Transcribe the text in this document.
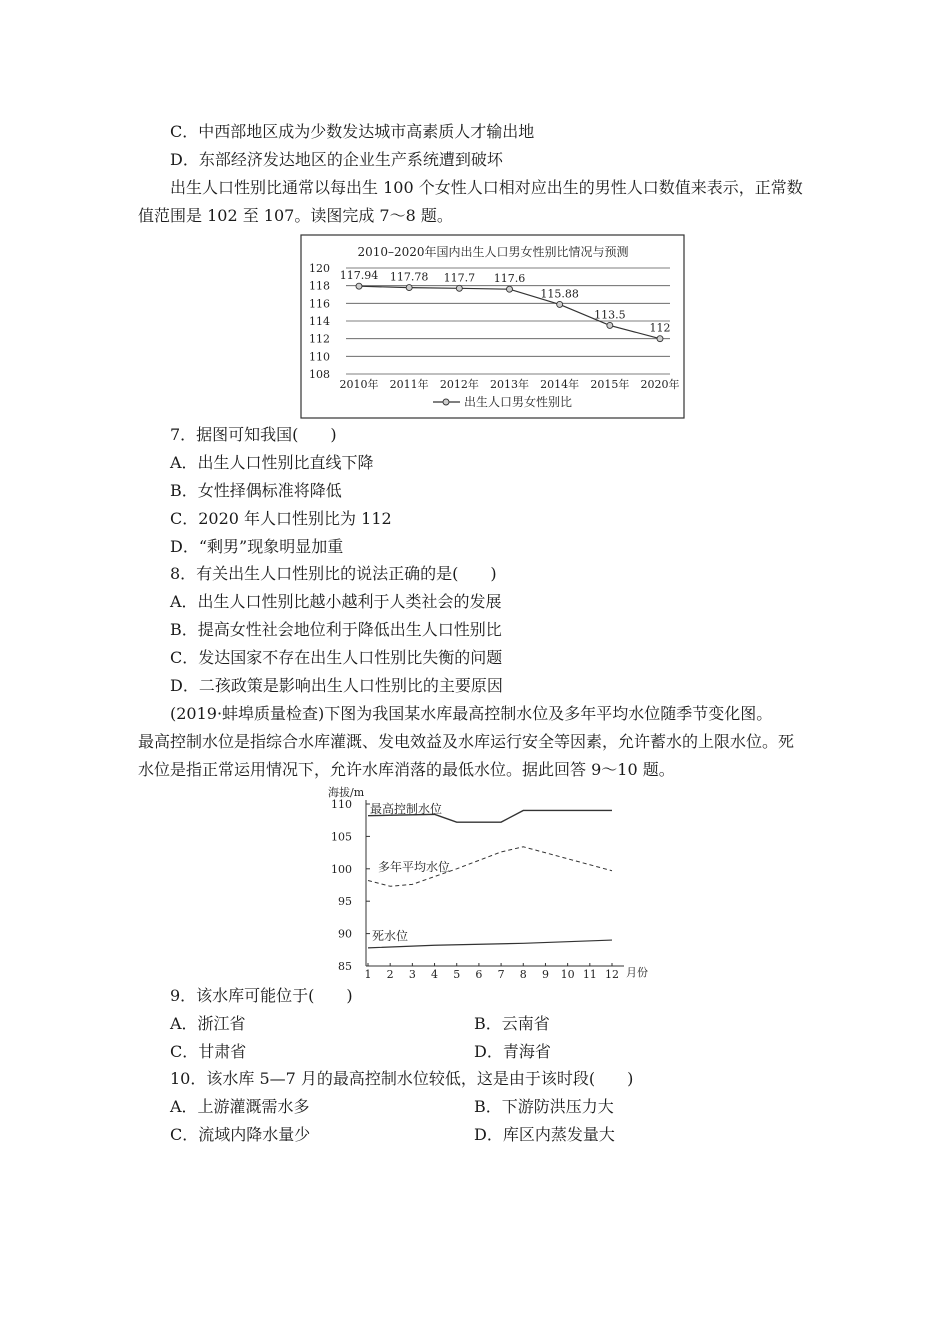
C．中西部地区成为少数发达城市高素质人才输出地
D．东部经济发达地区的企业生产系统遭到破坏
出生人口性别比通常以每出生 100 个女性人口相对应出生的男性人口数值来表示，正常数
值范围是 102 至 107。读图完成 7～8 题。
2010–2020年国内出生人口男女性别比情况与预测
108
110
112
114
116
118
120
2010年 2011年 2012年 2013年 2014年 2015年 2020年
117.94 117.78 117.7 117.6
115.88
113.5
112
出生人口男女性别比
7．据图可知我国(　　)
A．出生人口性别比直线下降
B．女性择偶标准将降低
C．2020 年人口性别比为 112
D．“剩男”现象明显加重
8．有关出生人口性别比的说法正确的是(　　)
A．出生人口性别比越小越利于人类社会的发展
B．提高女性社会地位利于降低出生人口性别比
C．发达国家不存在出生人口性别比失衡的问题
D．二孩政策是影响出生人口性别比的主要原因
(2019·蚌埠质量检查)下图为我国某水库最高控制水位及多年平均水位随季节变化图。
最高控制水位是指综合水库灌溉、发电效益及水库运行安全等因素，允许蓄水的上限水位。死
水位是指正常运用情况下，允许水库消落的最低水位。据此回答 9～10 题。
海拔/m
85
90
95
100
105
110
1 2 3 4 5 6 7 8 9 10 11 12 月份
最高控制水位
多年平均水位
死水位
9．该水库可能位于(　　)
A．浙江省	B．云南省
C．甘肃省	D．青海省
10．该水库 5—7 月的最高控制水位较低，这是由于该时段(　　)
A．上游灌溉需水多	B．下游防洪压力大
C．流域内降水量少	D．库区内蒸发量大
